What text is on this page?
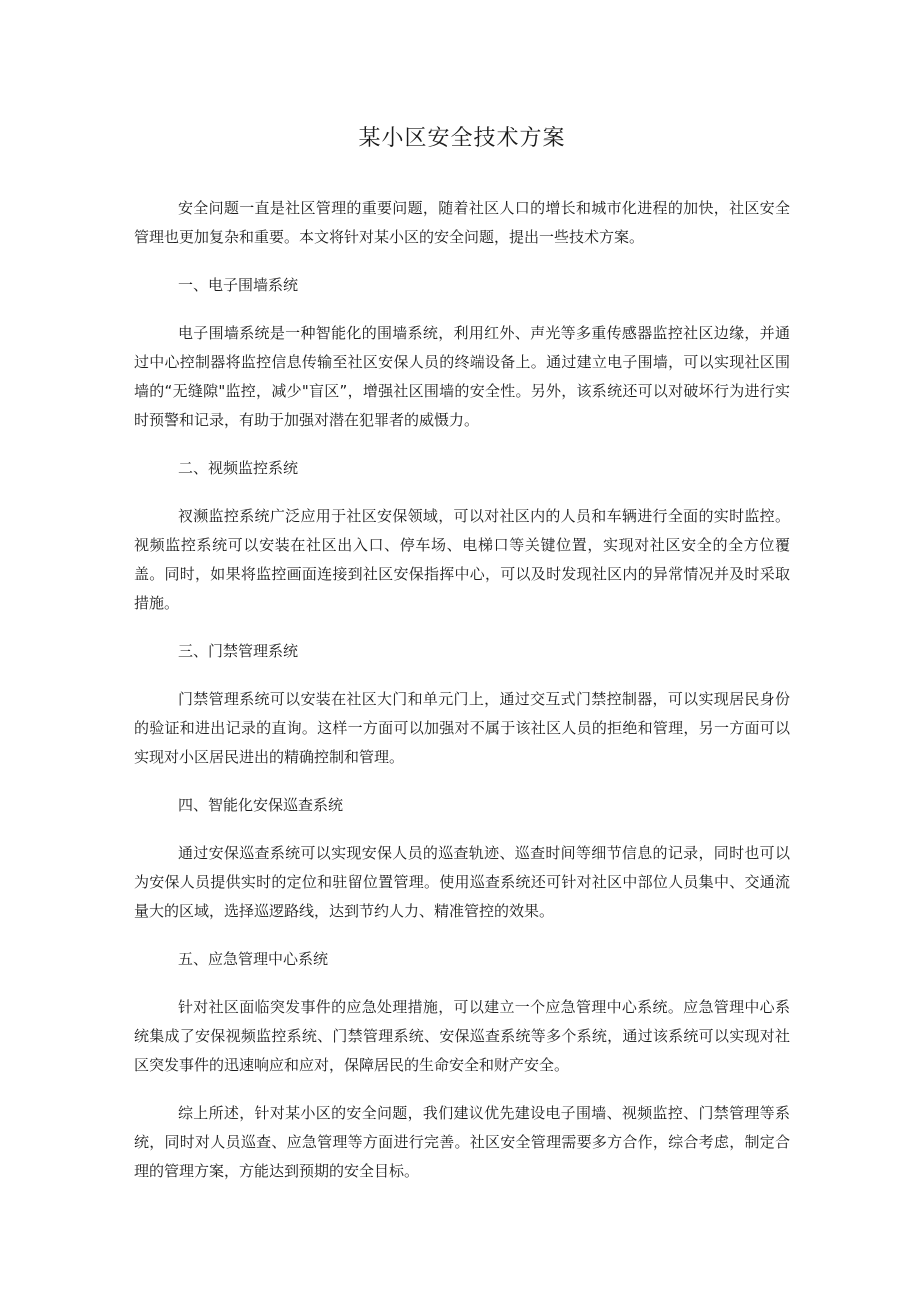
某小区安全技术方案

安全问题一直是社区管理的重要问题，随着社区人口的增长和城市化进程的加快，社区安全管理也更加复杂和重要。本文将针对某小区的安全问题，提出一些技术方案。

一、电子围墙系统

电子围墙系统是一种智能化的围墙系统，利用红外、声光等多重传感器监控社区边缘，并通过中心控制器将监控信息传输至社区安保人员的终端设备上。通过建立电子围墙，可以实现社区围墙的“无缝隙"监控，减少"盲区”，增强社区围墙的安全性。另外，该系统还可以对破坏行为进行实时预警和记录，有助于加强对潜在犯罪者的威慑力。

二、视频监控系统

衩濒监控系统广泛应用于社区安保领域，可以对社区内的人员和车辆进行全面的实时监控。视频监控系统可以安装在社区出入口、停车场、电梯口等关键位置，实现对社区安全的全方位覆盖。同时，如果将监控画面连接到社区安保指挥中心，可以及时发现社区内的异常情况并及时采取措施。

三、门禁管理系统

门禁管理系统可以安装在社区大门和单元门上，通过交互式门禁控制器，可以实现居民身份的验证和进出记录的直询。这样一方面可以加强对不属于该社区人员的拒绝和管理，另一方面可以实现对小区居民进出的精确控制和管理。

四、智能化安保巡查系统

通过安保巡查系统可以实现安保人员的巡查轨迹、巡查时间等细节信息的记录，同时也可以为安保人员提供实时的定位和驻留位置管理。使用巡查系统还可针对社区中部位人员集中、交通流量大的区域，选择巡逻路线，达到节约人力、精准管控的效果。

五、应急管理中心系统

针对社区面临突发事件的应急处理措施，可以建立一个应急管理中心系统。应急管理中心系统集成了安保视频监控系统、门禁管理系统、安保巡查系统等多个系统，通过该系统可以实现对社区突发事件的迅速响应和应对，保障居民的生命安全和财产安全。

综上所述，针对某小区的安全问题，我们建议优先建设电子围墙、视频监控、门禁管理等系统，同时对人员巡查、应急管理等方面进行完善。社区安全管理需要多方合作，综合考虑，制定合理的管理方案，方能达到预期的安全目标。
